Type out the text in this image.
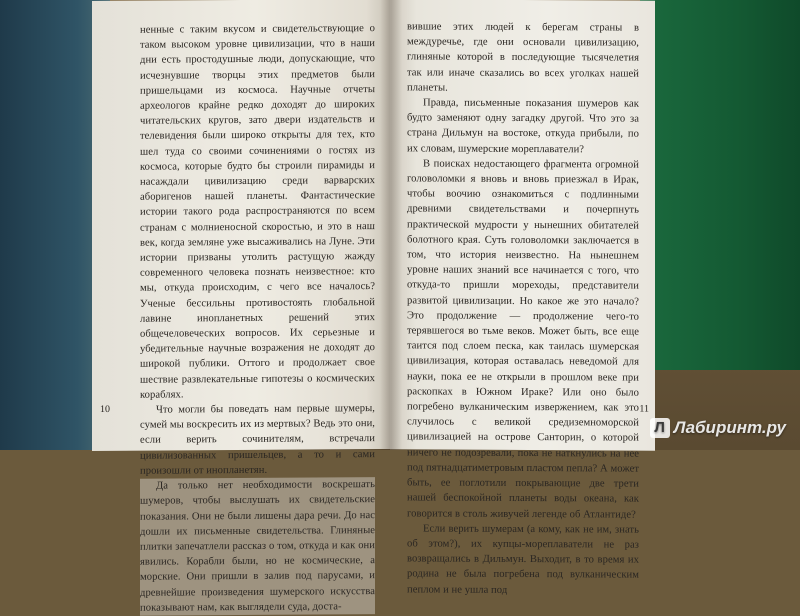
ненные с таким вкусом и свидетельствующие о таком высоком уровне цивилизации, что в наши дни есть простодушные люди, допускающие, что исчезнувшие творцы этих предметов были пришельцами из космоса. Научные отчеты археологов крайне редко доходят до широких читательских кругов, зато двери издательств и телевидения были широко открыты для тех, кто шел туда со своими сочинениями о гостях из космоса, которые будто бы строили пирамиды и насаждали цивилизацию среди варварских аборигенов нашей планеты. Фантастические истории такого рода распространяются по всем странам с молниеносной скоростью, и это в наш век, когда земляне уже высаживались на Луне. Эти истории призваны утолить растущую жажду современного человека познать неизвестное: кто мы, откуда происходим, с чего все началось? Ученые бессильны противостоять глобальной лавине инопланетных решений этих общечеловеческих вопросов. Их серьезные и убедительные научные возражения не доходят до широкой публики. Оттого и продолжает свое шествие развлекательные гипотезы о космических кораблях.

Что могли бы поведать нам первые шумеры, сумей мы воскресить их из мертвых? Ведь это они, если верить сочинителям, встречали цивилизованных пришельцев, а то и сами произошли от инопланетян.

Да только нет необходимости воскрешать шумеров, чтобы выслушать их свидетельские показания. Они не были лишены дара речи. До нас дошли их письменные свидетельства. Глиняные плитки запечатлели рассказ о том, откуда и как они явились. Корабли были, но не космические, а морские. Они пришли в залив под парусами, и древнейшие произведения шумерского искусства показывают нам, как выглядели суда, доста-

10

вившие этих людей к берегам страны в междуречье, где они основали цивилизацию, глиняные которой в последующие тысячелетия так или иначе сказались во всех уголках нашей планеты.

Правда, письменные показания шумеров как будто заменяют одну загадку другой. Что это за страна Дильмун на востоке, откуда прибыли, по их словам, шумерские мореплаватели?

В поисках недостающего фрагмента огромной головоломки я вновь и вновь приезжал в Ирак, чтобы воочию ознакомиться с подлинными древними свидетельствами и почерпнуть практической мудрости у нынешних обитателей болотного края. Суть головоломки заключается в том, что история неизвестно. На нынешнем уровне наших знаний все начинается с того, что откуда-то пришли мореходы, представители развитой цивилизации. Но какое же это начало? Это продолжение — продолжение чего-то терявшегося во тьме веков. Может быть, все еще таится под слоем песка, как таилась шумерская цивилизация, которая оставалась неведомой для науки, пока ее не открыли в прошлом веке при раскопках в Южном Ираке? Или оно было погребено вулканическим извержением, как это случилось с великой средиземноморской цивилизацией на острове Санторин, о которой ничего не подозревали, пока не наткнулись на нее под пятнадцатиметровым пластом пепла? А может быть, ее поглотили покрывающие две трети нашей беспокойной планеты воды океана, как говорится в столь живучей легенде об Атлантиде?

Если верить шумерам (а кому, как не им, знать об этом?), их купцы-мореплаватели не раз возвращались в Дильмун. Выходит, в то время их родина не была погребена под вулканическим пеплом и не ушла под

11
Л Лабиринт.ру
